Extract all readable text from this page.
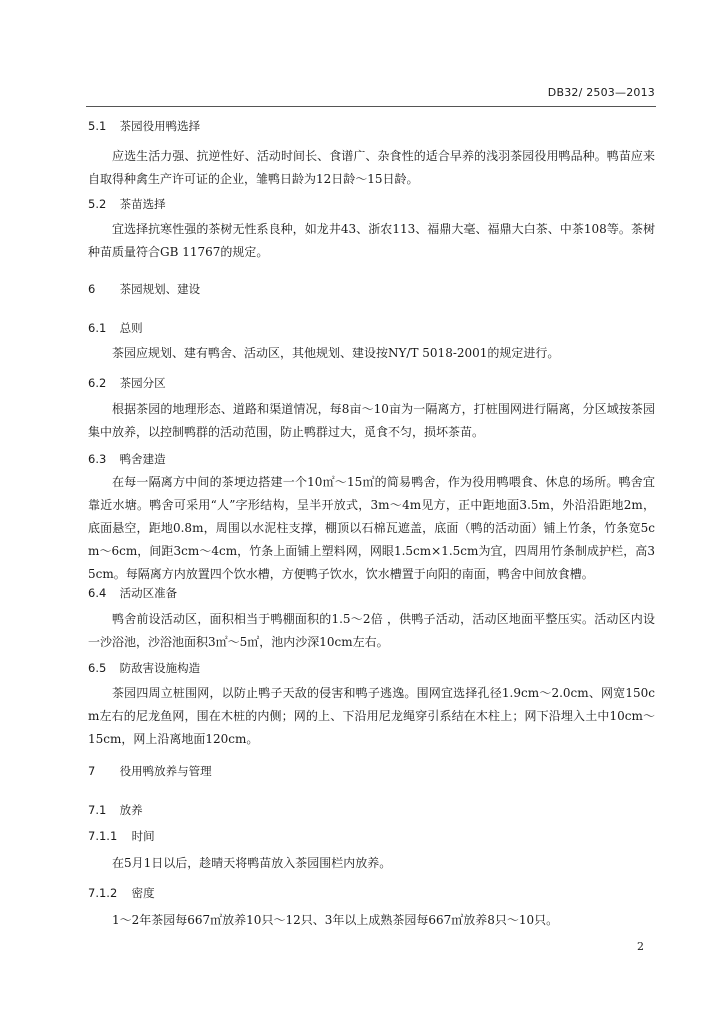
DB32/ 2503—2013
5.1 茶园役用鸭选择
应选生活力强、抗逆性好、活动时间长、食谱广、杂食性的适合早养的浅羽茶园役用鸭品种。鸭苗应来自取得种禽生产许可证的企业，雏鸭日龄为12日龄～15日龄。
5.2 茶苗选择
宜选择抗寒性强的茶树无性系良种，如龙井43、浙农113、福鼎大毫、福鼎大白茶、中茶108等。茶树种苗质量符合GB 11767的规定。
6 茶园规划、建设
6.1 总则
茶园应规划、建有鸭舍、活动区，其他规划、建设按NY/T 5018-2001的规定进行。
6.2 茶园分区
根据茶园的地理形态、道路和渠道情况，每8亩～10亩为一隔离方，打桩围网进行隔离，分区域按茶园集中放养，以控制鸭群的活动范围，防止鸭群过大，觅食不匀，损坏茶苗。
6.3 鸭舍建造
在每一隔离方中间的茶埂边搭建一个10㎡～15㎡的简易鸭舍，作为役用鸭喂食、休息的场所。鸭舍宜靠近水塘。鸭舍可采用“人”字形结构，呈半开放式，3m～4m见方，正中距地面3.5m，外沿沿距地2m，底面悬空，距地0.8m，周围以水泥柱支撑，棚顶以石棉瓦遮盖，底面（鸭的活动面）铺上竹条，竹条宽5cm～6cm，间距3cm～4cm，竹条上面铺上塑料网，网眼1.5cm×1.5cm为宜，四周用竹条制成护栏，高35cm。每隔离方内放置四个饮水槽，方便鸭子饮水，饮水槽置于向阳的南面，鸭舍中间放食槽。
6.4 活动区准备
鸭舍前设活动区，面积相当于鸭棚面积的1.5～2倍 ，供鸭子活动，活动区地面平整压实。活动区内设一沙浴池，沙浴池面积3㎡～5㎡，池内沙深10cm左右。
6.5 防敌害设施构造
茶园四周立桩围网，以防止鸭子天敌的侵害和鸭子逃逸。围网宜选择孔径1.9cm～2.0cm、网宽150cm左右的尼龙鱼网，围在木桩的内侧；网的上、下沿用尼龙绳穿引系结在木柱上；网下沿埋入土中10cm～15cm，网上沿离地面120cm。
7 役用鸭放养与管理
7.1 放养
7.1.1 时间
在5月1日以后，趁晴天将鸭苗放入茶园围栏内放养。
7.1.2 密度
1～2年茶园每667㎡放养10只～12只、3年以上成熟茶园每667㎡放养8只～10只。
2
